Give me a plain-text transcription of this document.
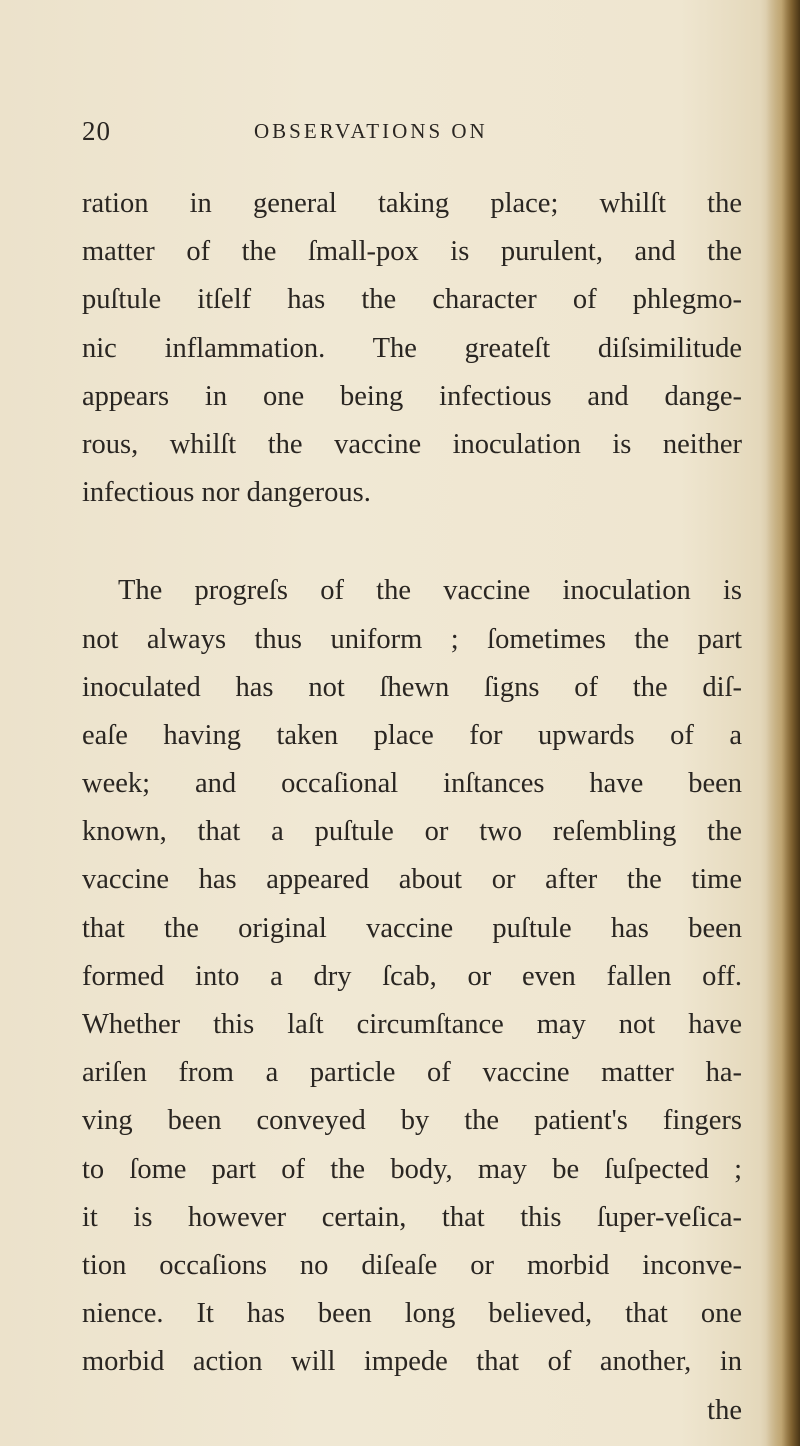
20	OBSERVATIONS ON
ration in general taking place; whilſt the
matter of the ſmall-pox is purulent, and the
puſtule itſelf has the character of phlegmo-
nic inflammation. The greateſt diſsimilitude
appears in one being infectious and dange-
rous, whilſt the vaccine inoculation is neither
infectious nor dangerous.
The progreſs of the vaccine inoculation is
not always thus uniform ; ſometimes the part
inoculated has not ſhewn ſigns of the diſ-
eaſe having taken place for upwards of a
week; and occaſional inſtances have been
known, that a puſtule or two reſembling the
vaccine has appeared about or after the time
that the original vaccine puſtule has been
formed into a dry ſcab, or even fallen off.
Whether this laſt circumſtance may not have
ariſen from a particle of vaccine matter ha-
ving been conveyed by the patient's fingers
to ſome part of the body, may be ſuſpected ;
it is however certain, that this ſuper-veſica-
tion occaſions no diſeaſe or morbid inconve-
nience. It has been long believed, that one
morbid action will impede that of another, in
the
